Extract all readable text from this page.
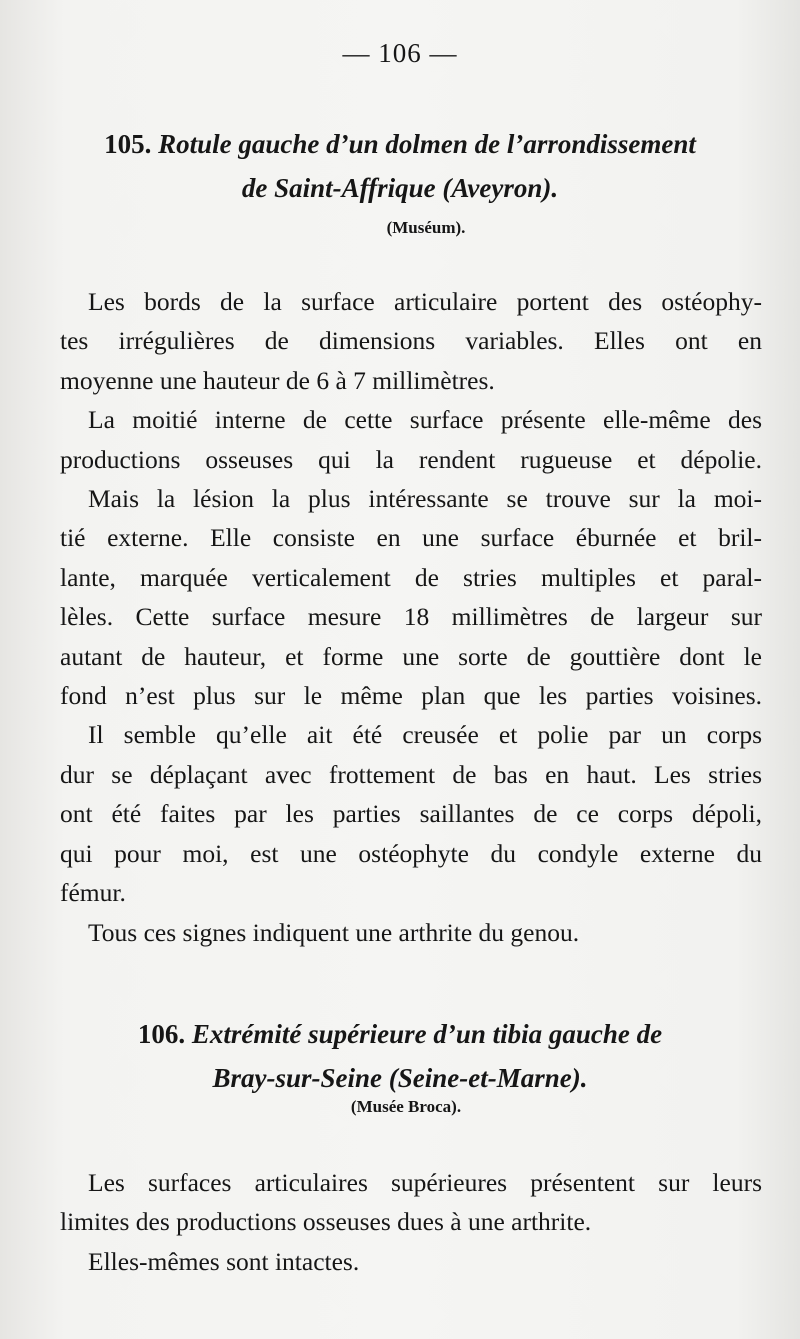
— 106 —
105. Rotule gauche d’un dolmen de l’arrondissement
de Saint-Affrique (Aveyron).
(Muséum).

Les bords de la surface articulaire portent des ostéophy-
tes irrégulières de dimensions variables. Elles ont en
moyenne une hauteur de 6 à 7 millimètres.

La moitié interne de cette surface présente elle-même des
productions osseuses qui la rendent rugueuse et dépolie.

Mais la lésion la plus intéressante se trouve sur la moi-
tié externe. Elle consiste en une surface éburnée et bril-
lante, marquée verticalement de stries multiples et paral-
lèles. Cette surface mesure 18 millimètres de largeur sur
autant de hauteur, et forme une sorte de gouttière dont le
fond n’est plus sur le même plan que les parties voisines.

Il semble qu’elle ait été creusée et polie par un corps
dur se déplaçant avec frottement de bas en haut. Les stries
ont été faites par les parties saillantes de ce corps dépoli,
qui pour moi, est une ostéophyte du condyle externe du
fémur.

Tous ces signes indiquent une arthrite du genou.

106. Extrémité supérieure d’un tibia gauche de
Bray-sur-Seine (Seine-et-Marne).
(Musée Broca).

Les surfaces articulaires supérieures présentent sur leurs
limites des productions osseuses dues à une arthrite.

Elles-mêmes sont intactes.
